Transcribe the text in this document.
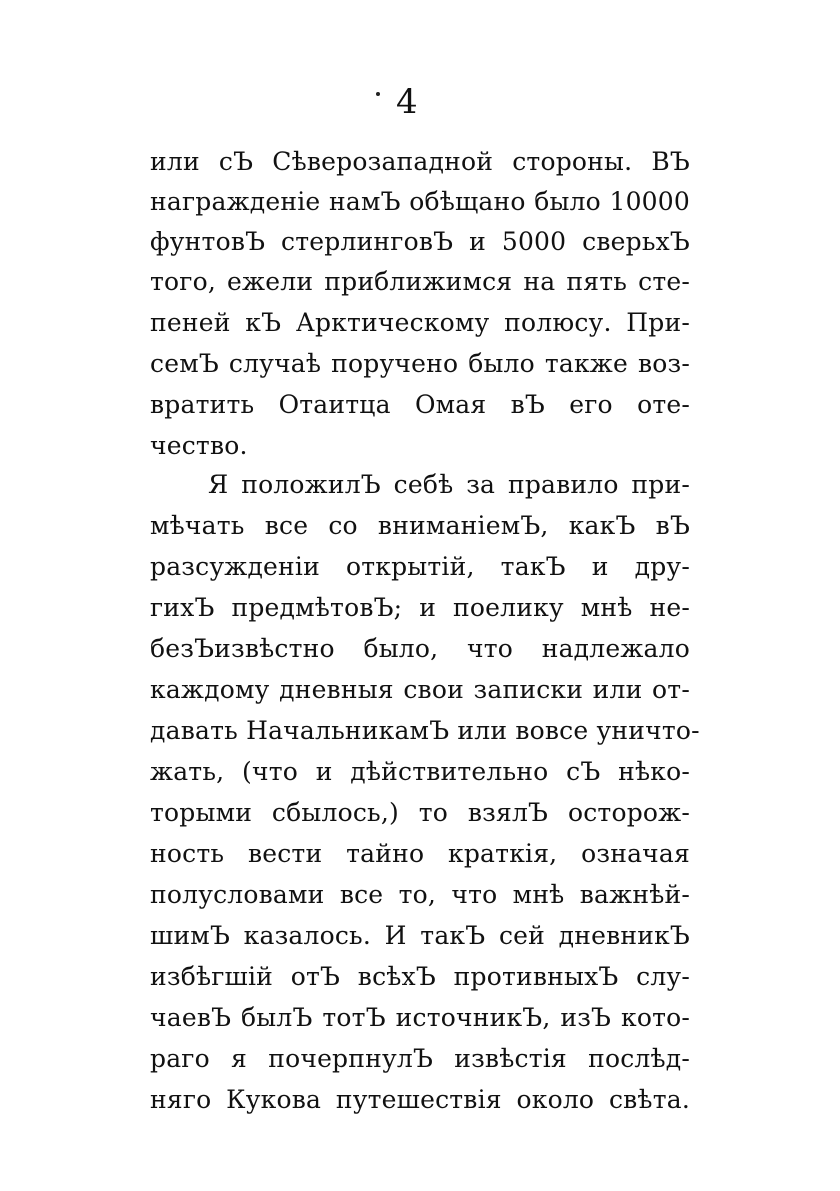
4
или сЪ Сѣверозападной стороны. ВЪ
награжденіе намЪ обѣщано было 10000
фунтовЪ стерлинговЪ и 5000 сверьхЪ
того, ежели приближимся на пять сте-
пеней кЪ Арктическому полюсу. При-
семЪ случаѣ поручено было также воз-
вратить Отаитца Омая вЪ его оте-
чество.
Я положилЪ себѣ за правило при-
мѣчать все со вниманіемЪ, какЪ вЪ
разсужденіи открытій, такЪ и дру-
гихЪ предмѣтовЪ; и поелику мнѣ не-
безЪизвѣстно было, что надлежало
каждому дневныя свои записки или от-
давать НачальникамЪ или вовсе уничто-
жать, (что и дѣйствительно сЪ нѣко-
торыми сбылось,) то взялЪ осторож-
ность вести тайно краткія, означая
полусловами все то, что мнѣ важнѣй-
шимЪ казалось. И такЪ сей дневникЪ
избѣгшій отЪ всѣхЪ противныхЪ слу-
чаевЪ былЪ тотЪ источникЪ, изЪ кото-
раго я почерпнулЪ извѣстія послѣд-
няго Кукова путешествія около свѣта.
